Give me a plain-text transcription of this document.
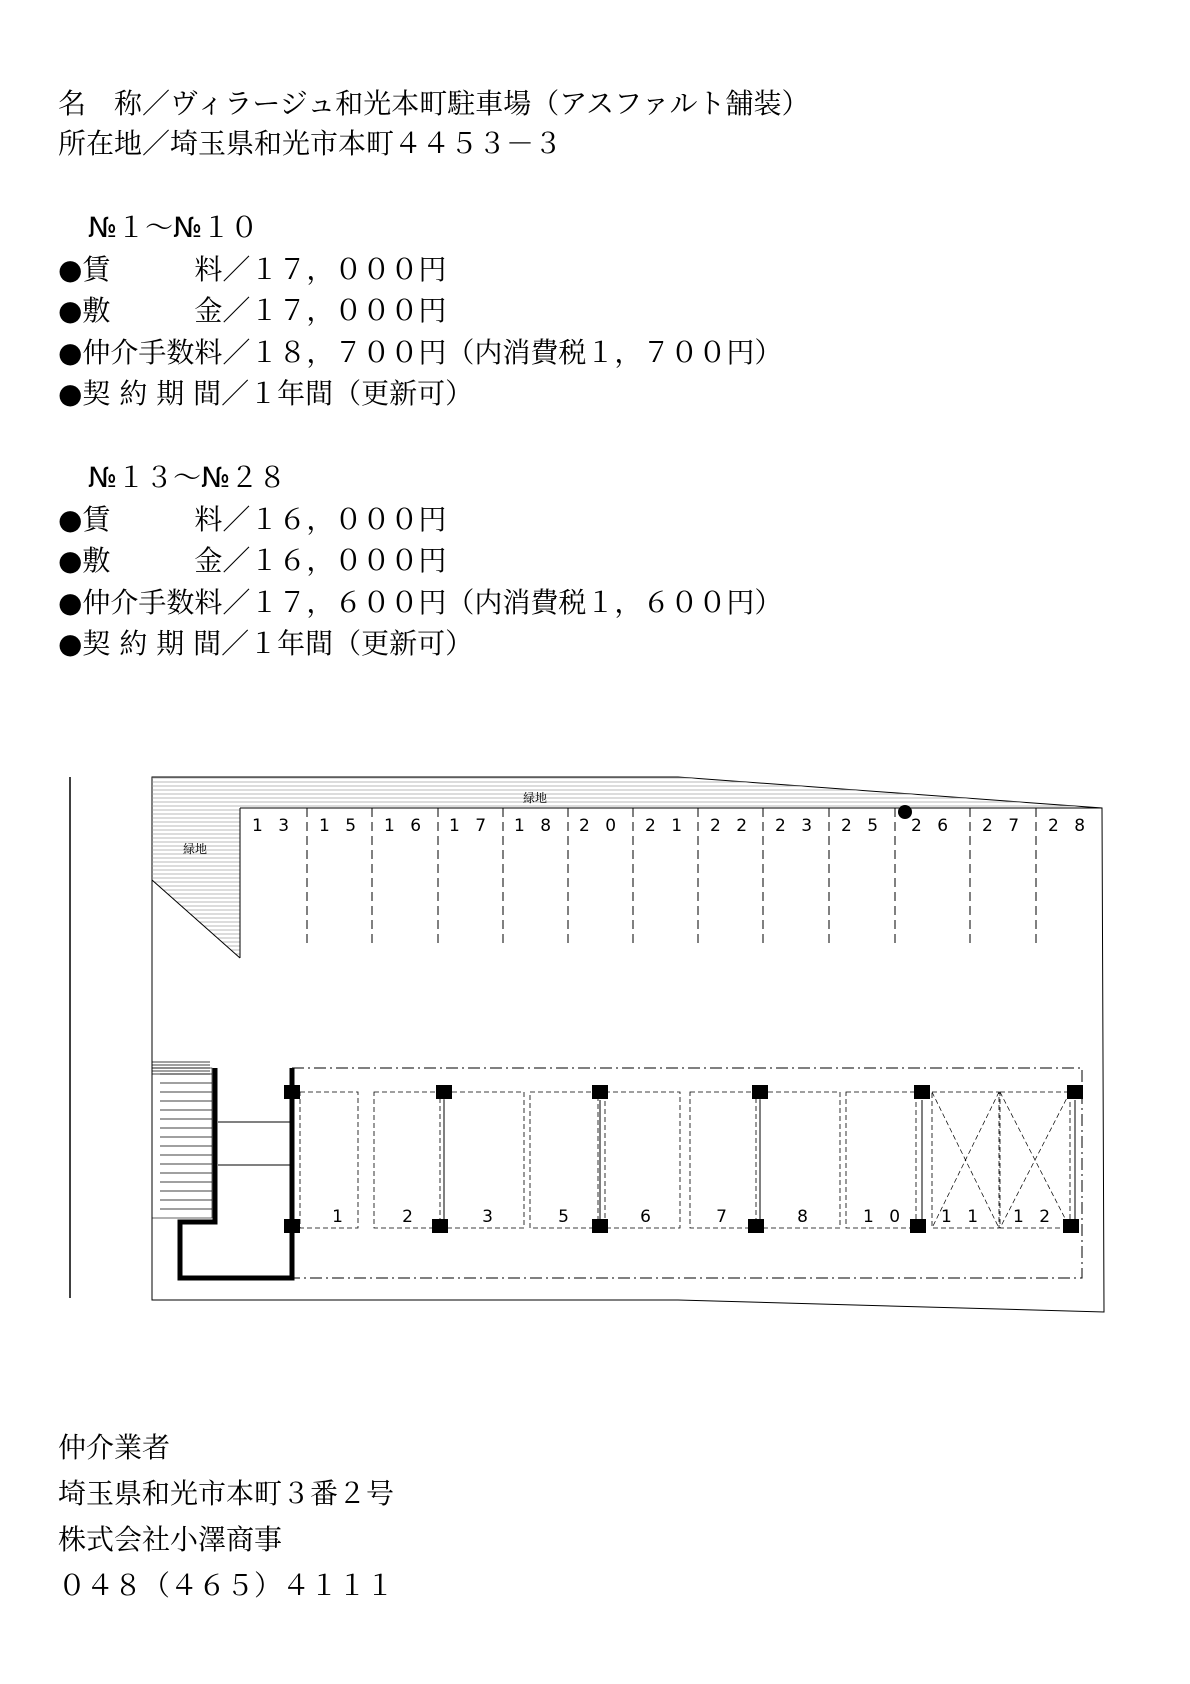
名　称／ヴィラージュ和光本町駐車場（アスファルト舗装）
所在地／埼玉県和光市本町４４５３－３
№１～№１０
●賃　　　料／１７，０００円
●敷　　　金／１７，０００円
●仲介手数料／１８，７００円（内消費税１，７００円）
●契 約 期 間／１年間（更新可）
№１３～№２８
●賃　　　料／１６，０００円
●敷　　　金／１６，０００円
●仲介手数料／１７，６００円（内消費税１，６００円）
●契 約 期 間／１年間（更新可）
緑地
緑地
1 3 1 5 1 6 1 7 1 8 2 0 2 1 2 2 2 3 2 5 2 6 2 7 2 8
1	2	3	5	6	7	8	1 0 1 1 1 2
仲介業者
埼玉県和光市本町３番２号
株式会社小澤商事
０４８（４６５）４１１１
